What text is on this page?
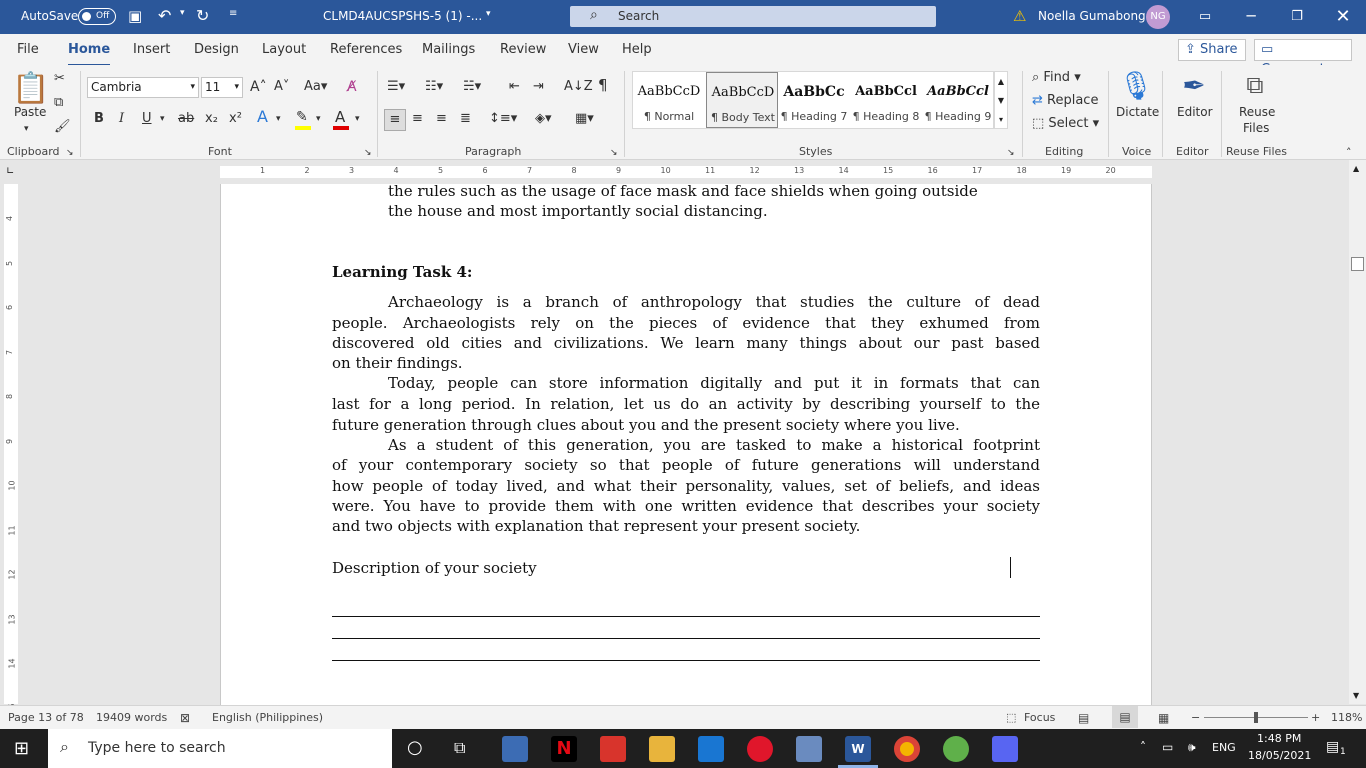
AutoSave	Off	▣ ↶ ▾ ↻ ≡	CLMD4AUCSPSHS-5 (1) -... ▾	⌕ Search	⚠ Noella Gumabong NG	▭	─	❐	✕
File Home Insert Design Layout References Mailings Review View Help	⇪ Share	▭
📋
Paste
▾
✂
⧉
🖌
Clipboard ↘
Cambria	▾ 11 ▾ A˄ A˅ Aa▾ A̸
B I U ▾ ab x₂ x² A ▾ ✎ ▾ A ▾
Font	↘
☰▾ ☷▾ ☵▾ ⇤ ⇥ A↓Z ¶
≡ ≡ ≡ ≣ ↕≡▾ ◈▾ ▦▾
Paragraph	↘
AaBbCcD
¶ Normal
AaBbCcD
¶ Body Text
AaBbCc
¶ Heading 7
AaBbCcl
¶ Heading 8
AaBbCcl
¶ Heading 9
▲
▼
▾
Styles	↘
⌕ Find ▾
⇄ Replace
⬚ Select ▾
Editing
🎙
Dictate
Voice
✒
Editor
Editor
⧉
Reuse
Files
Reuse Files	˄
∟	1	2	3	4	5	6	7	8	9	10	11	12	13	14	15	16	17	18	19	20
4
5
6
7
8
9
10
11
12
13
14
the rules such as the usage of face mask and face shields when going outside
the house and most importantly social distancing.
Learning Task 4:
Archaeology is a branch of anthropology that studies the culture of dead
people. Archaeologists rely on the pieces of evidence that they exhumed from
discovered old cities and civilizations. We learn many things about our past based
on their findings.
Today, people can store information digitally and put it in formats that can
last for a long period. In relation, let us do an activity by describing yourself to the
future generation through clues about you and the present society where you live.
As a student of this generation, you are tasked to make a historical footprint
of your contemporary society so that people of future generations will understand
how people of today lived, and what their personality, values, set of beliefs, and ideas
were. You have to provide them with one written evidence that describes your society
and two objects with explanation that represent your present society.
Description of your society
▲
▼
Page 13 of 78 19409 words ⊠ English (Philippines)	⬚ Focus ▤	▤	▦ −	+ 118%
⊞ ⌕ Type here to search	○ ⧉	N	W	˄ ▭ 🕪 ENG
1:48 PM
18/05/2021
▤ 1
